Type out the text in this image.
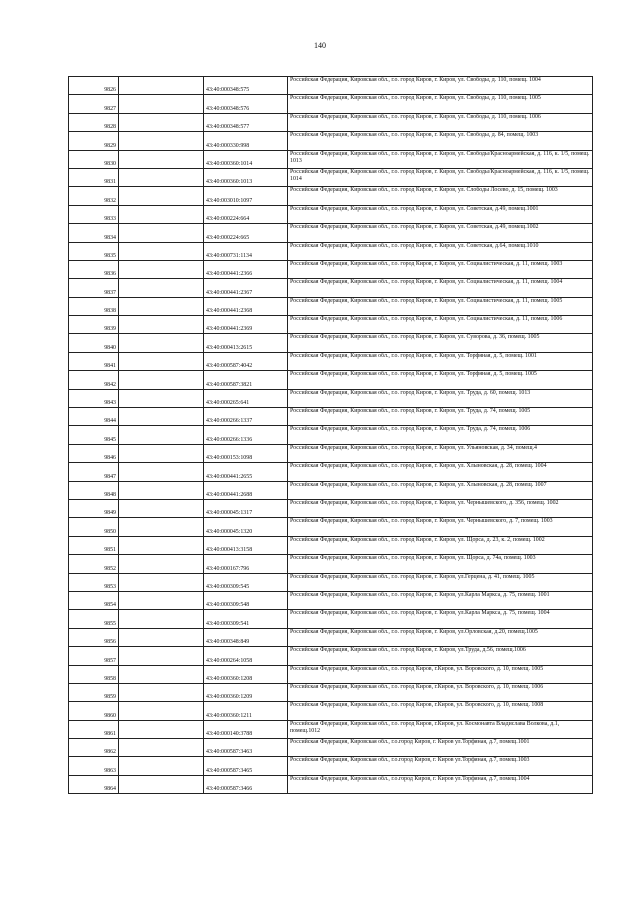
140
9826		43:40:000348:575	Российская Федерация, Кировская обл., г.о. город Киров, г. Киров, ул. Свободы, д. 110, помещ. 1004
9827		43:40:000348:576	Российская Федерация, Кировская обл., г.о. город Киров, г. Киров, ул. Свободы, д. 110, помещ. 1005
9828		43:40:000348:577	Российская Федерация, Кировская обл., г.о. город Киров, г. Киров, ул. Свободы, д. 110, помещ. 1006
9829		43:40:000330:998	Российская Федерация, Кировская обл., г.о. город Киров, г. Киров, ул. Свободы, д. 84, помещ. 1003
9830		43:40:000360:1014	Российская Федерация, Кировская обл., г.о. город Киров, г. Киров, ул. Свободы/Красноармейская, д. 116, к. 1/5, помещ. 1013
9831		43:40:000360:1013	Российская Федерация, Кировская обл., г.о. город Киров, г. Киров, ул. Свободы/Красноармейская, д. 116, к. 1/5, помещ. 1014
9832		43:40:003010:1097	Российская Федерация, Кировская обл., г.о. город Киров, г. Киров, ул. Слободы Лосево, д. 15, помещ. 1003
9833		43:40:000224:664	Российская Федерация, Кировская обл., г.о. город Киров, г. Киров, ул. Советская, д.49, помещ.1001
9834		43:40:000224:665	Российская Федерация, Кировская обл., г.о. город Киров, г. Киров, ул. Советская, д.49, помещ.1002
9835		43:40:000731:1134	Российская Федерация, Кировская обл., г.о. город Киров, г. Киров, ул. Советская, д.64, помещ.1010
9836		43:40:000441:2366	Российская Федерация, Кировская обл., г.о. город Киров, г. Киров, ул. Социалистическая, д. 11, помещ. 1003
9837		43:40:000441:2367	Российская Федерация, Кировская обл., г.о. город Киров, г. Киров, ул. Социалистическая, д. 11, помещ. 1004
9838		43:40:000441:2368	Российская Федерация, Кировская обл., г.о. город Киров, г. Киров, ул. Социалистическая, д. 11, помещ. 1005
9839		43:40:000441:2369	Российская Федерация, Кировская обл., г.о. город Киров, г. Киров, ул. Социалистическая, д. 11, помещ. 1006
9840		43:40:000413:2615	Российская Федерация, Кировская обл., г.о. город Киров, г. Киров, ул. Суворова, д. 36, помещ. 1005
9841		43:40:000587:4042	Российская Федерация, Кировская обл., г.о. город Киров, г. Киров, ул. Торфяная, д. 5, помещ. 1001
9842		43:40:000587:3821	Российская Федерация, Кировская обл., г.о. город Киров, г. Киров, ул. Торфяная, д. 5, помещ. 1005
9843		43:40:000265:641	Российская Федерация, Кировская обл., г.о. город Киров, г. Киров, ул. Труда, д. 60, помещ. 1013
9844		43:40:000266:1337	Российская Федерация, Кировская обл., г.о. город Киров, г. Киров, ул. Труда, д. 74, помещ. 1005
9845		43:40:000266:1336	Российская Федерация, Кировская обл., г.о. город Киров, г. Киров, ул. Труда, д. 74, помещ. 1006
9846		43:40:000153:1098	Российская Федерация, Кировская обл., г.о. город Киров, г. Киров, ул. Ульяновская, д. 34, помещ.4
9847		43:40:000441:2655	Российская Федерация, Кировская обл., г.о. город Киров, г. Киров, ул. Хлыновская, д. 28, помещ. 1004
9848		43:40:000441:2688	Российская Федерация, Кировская обл., г.о. город Киров, г. Киров, ул. Хлыновская, д. 28, помещ. 1007
9849		43:40:000045:1317	Российская Федерация, Кировская обл., г.о. город Киров, г. Киров, ул. Чернышевского, д. 356, помещ. 1002
9850		43:40:000045:1320	Российская Федерация, Кировская обл., г.о. город Киров, г. Киров, ул. Чернышевского, д. 7, помещ. 1003
9851		43:40:000413:3158	Российская Федерация, Кировская обл., г.о. город Киров, г. Киров, ул. Щорса, д. 23, к. 2, помещ. 1002
9852		43:40:000167:796	Российская Федерация, Кировская обл., г.о. город Киров, г. Киров, ул. Щорса, д. 74а, помещ. 1003
9853		43:40:000309:545	Российская Федерация, Кировская обл., г.о. город Киров, г. Киров, ул.Герцена, д. 41, помещ. 1005
9854		43:40:000309:548	Российская Федерация, Кировская обл., г.о. город Киров, г. Киров, ул.Карла Маркса, д. 75, помещ. 1001
9855		43:40:000309:541	Российская Федерация, Кировская обл., г.о. город Киров, г. Киров, ул.Карла Маркса, д. 75, помещ. 1004
9856		43:40:000348:849	Российская Федерация, Кировская обл., г.о. город Киров, г. Киров, ул.Орловская, д.20, помещ.1005
9857		43:40:000264:1058	Российская Федерация, Кировская обл., г.о. город Киров, г. Киров, ул.Труда, д.56, помещ.1006
9858		43:40:000360:1208	Российская Федерация, Кировская обл., г.о. город Киров, г.Киров, ул. Воровского, д. 10, помещ. 1005
9859		43:40:000360:1209	Российская Федерация, Кировская обл., г.о. город Киров, г.Киров, ул. Воровского, д. 10, помещ. 1006
9860		43:40:000360:1211	Российская Федерация, Кировская обл., г.о. город Киров, г.Киров, ул. Воровского, д. 10, помещ. 1008
9861		43:40:000140:3788	Российская Федерация, Кировская обл., г.о. город Киров, г.Киров, ул. Космонавта Владислава Волкова, д.1, помещ.1012
9862		43:40:000587:3463	Российская Федерация, Кировская обл., г.о.город Киров, г. Киров ул.Торфяная, д.7, помещ.1001
9863		43:40:000587:3465	Российская Федерация, Кировская обл., г.о.город Киров, г. Киров ул.Торфяная, д.7, помещ.1003
9864		43:40:000587:3466	Российская Федерация, Кировская обл., г.о.город Киров, г. Киров ул.Торфяная, д.7, помещ.1004
